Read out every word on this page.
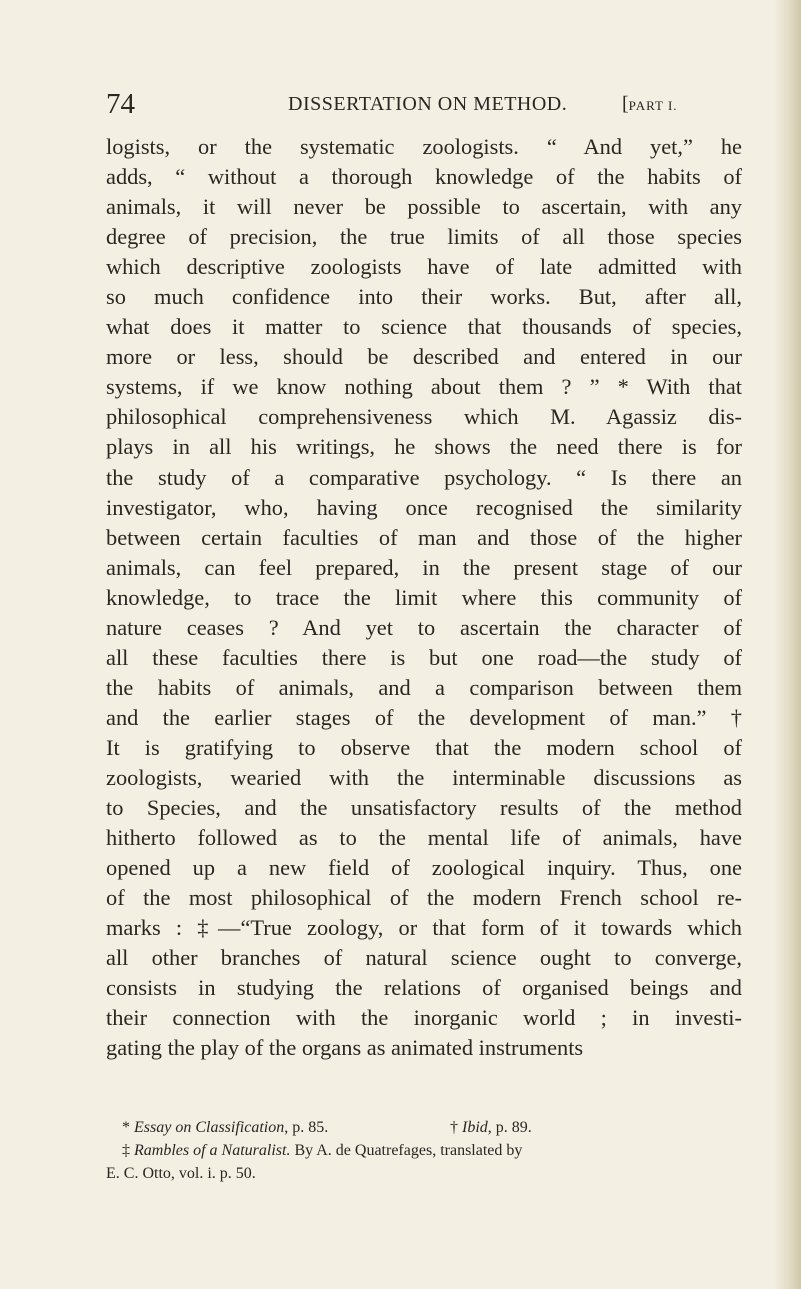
74	DISSERTATION ON METHOD.	[PART I.
logists, or the systematic zoologists. “ And yet,” he
adds, “ without a thorough knowledge of the habits of
animals, it will never be possible to ascertain, with any
degree of precision, the true limits of all those species
which descriptive zoologists have of late admitted with
so much confidence into their works. But, after all,
what does it matter to science that thousands of species,
more or less, should be described and entered in our
systems, if we know nothing about them ? ” * With that
philosophical comprehensiveness which M. Agassiz dis-
plays in all his writings, he shows the need there is for
the study of a comparative psychology. “ Is there an
investigator, who, having once recognised the similarity
between certain faculties of man and those of the higher
animals, can feel prepared, in the present stage of our
knowledge, to trace the limit where this community of
nature ceases ? And yet to ascertain the character of
all these faculties there is but one road—the study of
the habits of animals, and a comparison between them
and the earlier stages of the development of man.” †
It is gratifying to observe that the modern school of
zoologists, wearied with the interminable discussions as
to Species, and the unsatisfactory results of the method
hitherto followed as to the mental life of animals, have
opened up a new field of zoological inquiry. Thus, one
of the most philosophical of the modern French school re-
marks : ‡—“True zoology, or that form of it towards which
all other branches of natural science ought to converge,
consists in studying the relations of organised beings and
their connection with the inorganic world ; in investi-
gating the play of the organs as animated instruments
* Essay on Classification, p. 85.	† Ibid, p. 89.
‡ Rambles of a Naturalist. By A. de Quatrefages, translated by
E. C. Otto, vol. i. p. 50.
